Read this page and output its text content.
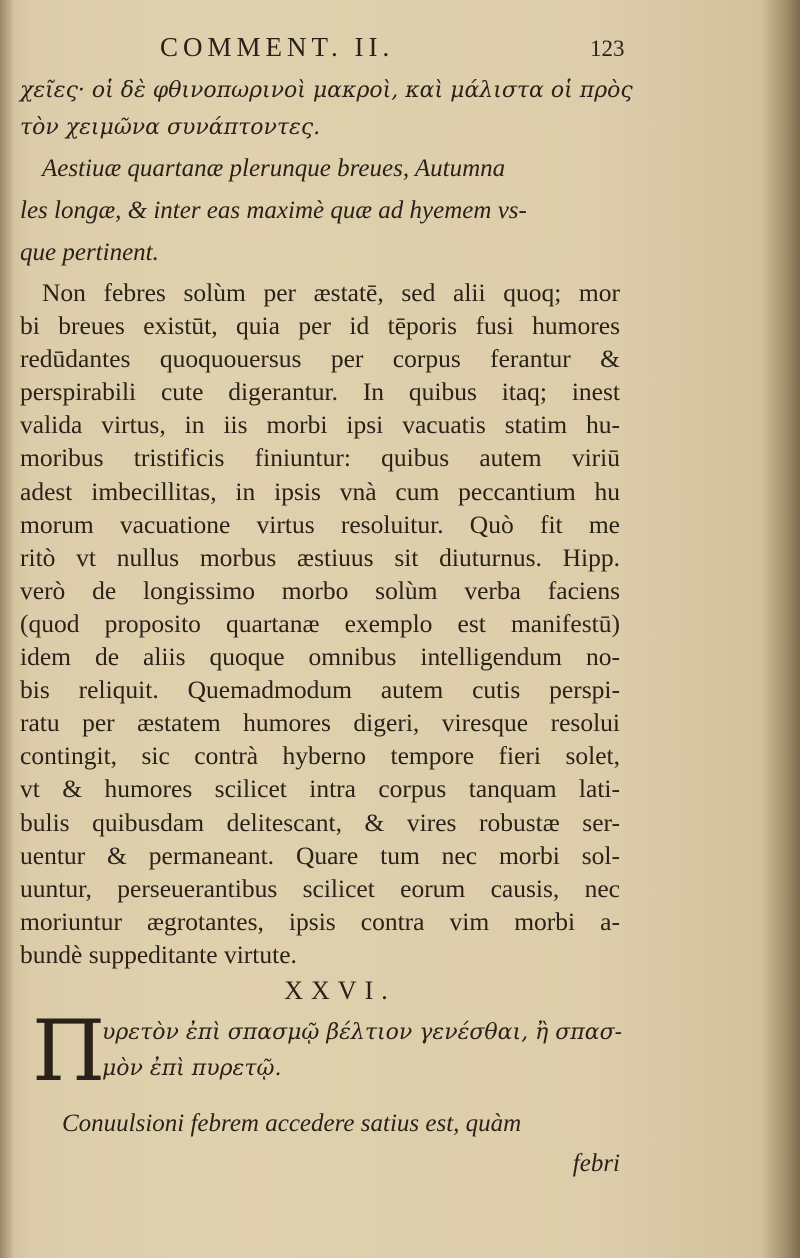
COMMENT. II.	123
χεῖες· οἱ δὲ φθινοπωρινοὶ μακροὶ, καὶ μάλιστα οἱ πρὸς
τὸν χειμῶνα συνάπτοντες.
Aestiuæ quartanæ plerunque breues, Autumna
les longæ, & inter eas maximè quæ ad hyemem vs-
que pertinent.
Non febres solùm per æstatē, sed alii quoq; mor
bi breues existūt, quia per id tēporis fusi humores
redūdantes quoquouersus per corpus ferantur &
perspirabili cute digerantur. In quibus itaq; inest
valida virtus, in iis morbi ipsi vacuatis statim hu-
moribus tristificis finiuntur: quibus autem viriū
adest imbecillitas, in ipsis vnà cum peccantium hu
morum vacuatione virtus resoluitur. Quò fit me
ritò vt nullus morbus æstiuus sit diuturnus. Hipp.
verò de longissimo morbo solùm verba faciens
(quod proposito quartanæ exemplo est manifestū)
idem de aliis quoque omnibus intelligendum no-
bis reliquit. Quemadmodum autem cutis perspi-
ratu per æstatem humores digeri, viresque resolui
contingit, sic contrà hyberno tempore fieri solet,
vt & humores scilicet intra corpus tanquam lati-
bulis quibusdam delitescant, & vires robustæ ser-
uentur & permaneant. Quare tum nec morbi sol-
uuntur, perseuerantibus scilicet eorum causis, nec
moriuntur ægrotantes, ipsis contra vim morbi a-
bundè suppeditante virtute.
XXVI.
Π
υρετὸν ἐπὶ σπασμῷ βέλτιον γενέσθαι, ἢ σπασ-
μὸν ἐπὶ πυρετῷ.
Conuulsioni febrem accedere satius est, quàm
febri
